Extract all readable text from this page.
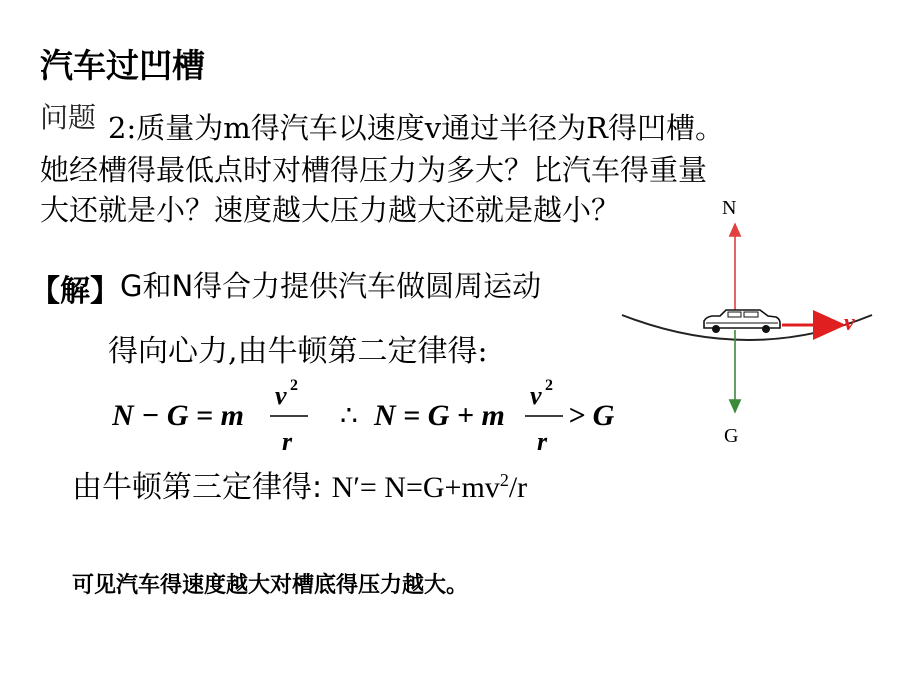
汽车过凹槽
问题 2:质量为m得汽车以速度v通过半径为R得凹槽。
她经槽得最低点时对槽得压力为多大？比汽车得重量
大还就是小？速度越大压力越大还就是越小？
【解】 G和N得合力提供汽车做圆周运动
得向心力,由牛顿第二定律得:
N − G = m
v 2
r
∴ N = G + m
v 2
r
> G
由牛顿第三定律得: $N'= N=G+mv^2/r$
可见汽车得速度越大对槽底得压力越大。
N
G
v
